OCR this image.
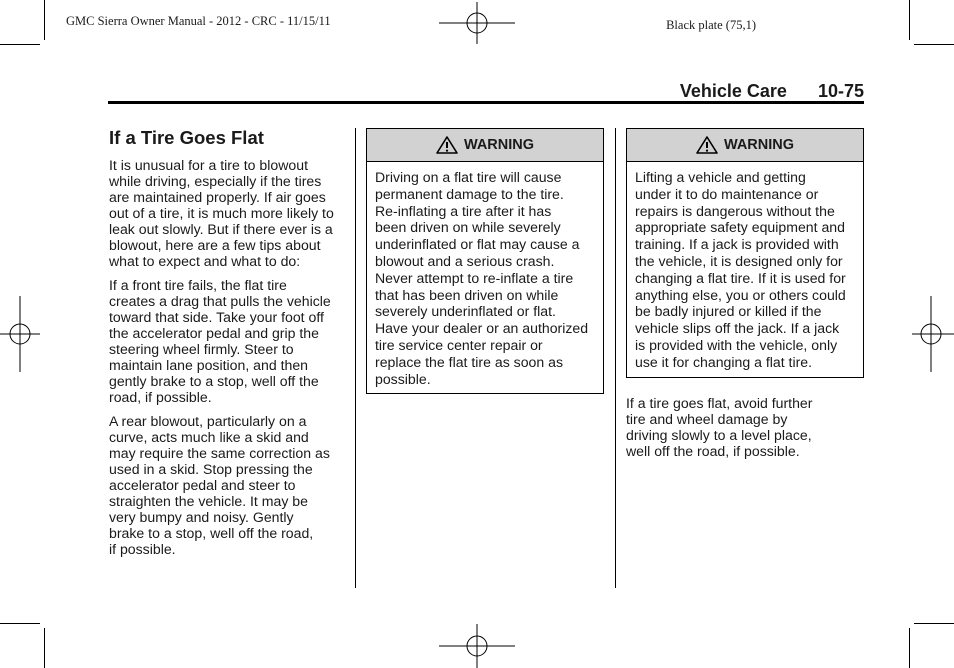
GMC Sierra Owner Manual - 2012 - CRC - 11/15/11	Black plate (75,1)
Vehicle Care 10-75
If a Tire Goes Flat

It is unusual for a tire to blowout
while driving, especially if the tires
are maintained properly. If air goes
out of a tire, it is much more likely to
leak out slowly. But if there ever is a
blowout, here are a few tips about
what to expect and what to do:

If a front tire fails, the flat tire
creates a drag that pulls the vehicle
toward that side. Take your foot off
the accelerator pedal and grip the
steering wheel firmly. Steer to
maintain lane position, and then
gently brake to a stop, well off the
road, if possible.

A rear blowout, particularly on a
curve, acts much like a skid and
may require the same correction as
used in a skid. Stop pressing the
accelerator pedal and steer to
straighten the vehicle. It may be
very bumpy and noisy. Gently
brake to a stop, well off the road,
if possible.

WARNING
Driving on a flat tire will cause
permanent damage to the tire.
Re-inflating a tire after it has
been driven on while severely
underinflated or flat may cause a
blowout and a serious crash.
Never attempt to re-inflate a tire
that has been driven on while
severely underinflated or flat.
Have your dealer or an authorized
tire service center repair or
replace the flat tire as soon as
possible.
WARNING
Lifting a vehicle and getting
under it to do maintenance or
repairs is dangerous without the
appropriate safety equipment and
training. If a jack is provided with
the vehicle, it is designed only for
changing a flat tire. If it is used for
anything else, you or others could
be badly injured or killed if the
vehicle slips off the jack. If a jack
is provided with the vehicle, only
use it for changing a flat tire.

If a tire goes flat, avoid further
tire and wheel damage by
driving slowly to a level place,
well off the road, if possible.
